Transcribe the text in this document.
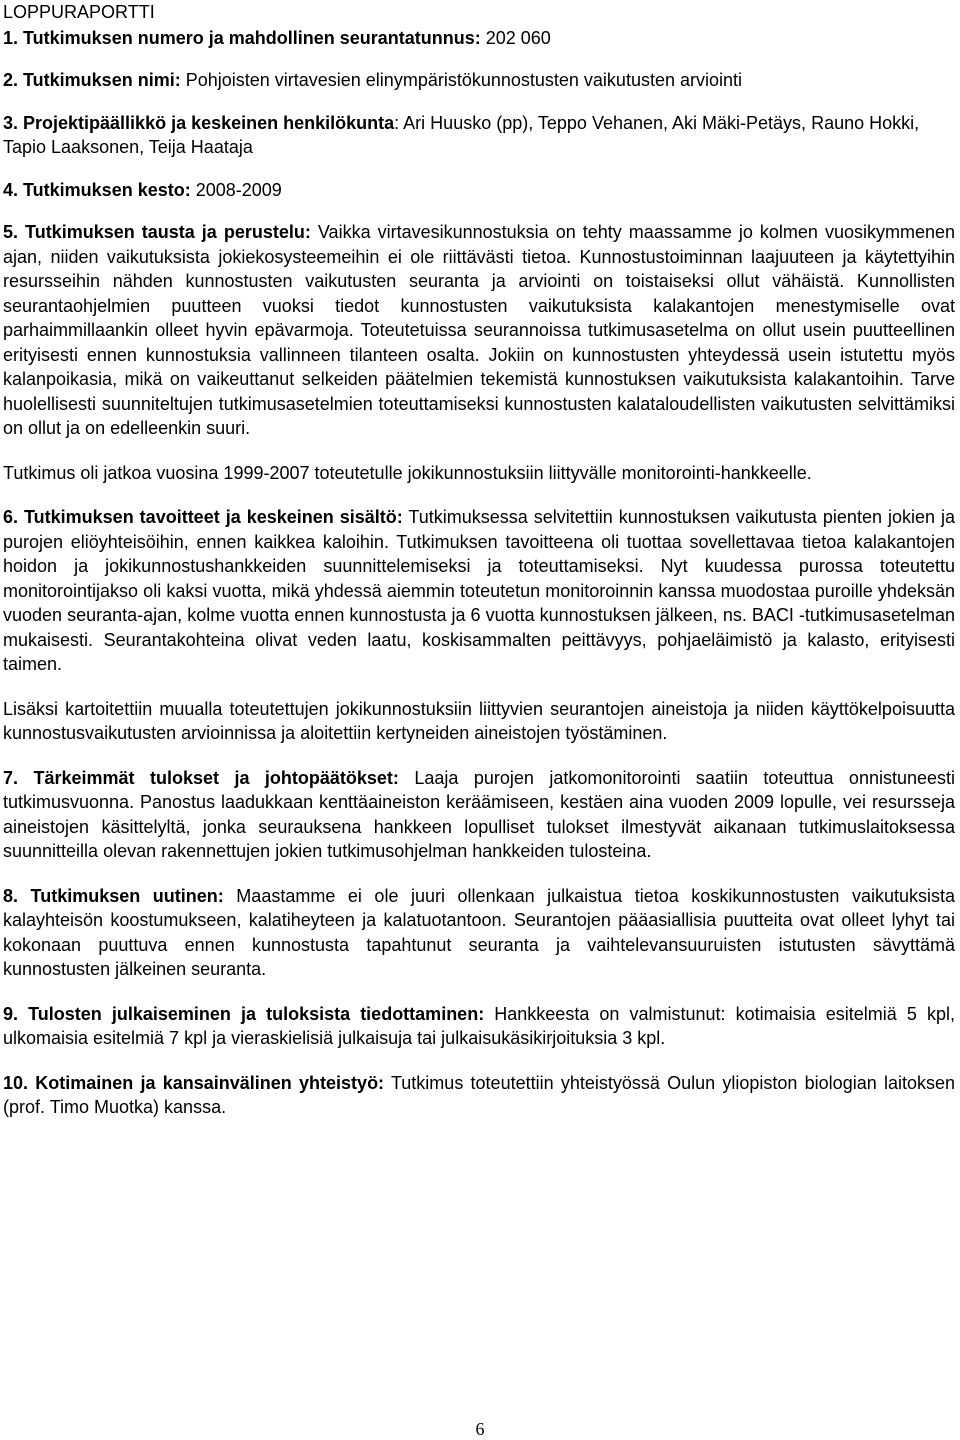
LOPPURAPORTTI

1. Tutkimuksen numero ja mahdollinen seurantatunnus: 202 060

2. Tutkimuksen nimi: Pohjoisten virtavesien elinympäristökunnostusten vaikutusten arviointi

3. Projektipäällikkö ja keskeinen henkilökunta: Ari Huusko (pp), Teppo Vehanen, Aki Mäki-Petäys, Rauno Hokki, Tapio Laaksonen, Teija Haataja

4. Tutkimuksen kesto: 2008-2009

5. Tutkimuksen tausta ja perustelu: Vaikka virtavesikunnostuksia on tehty maassamme jo kolmen vuosikymmenen ajan, niiden vaikutuksista jokiekosysteemeihin ei ole riittävästi tietoa. Kunnostustoiminnan laajuuteen ja käytettyihin resursseihin nähden kunnostusten vaikutusten seuranta ja arviointi on toistaiseksi ollut vähäistä. Kunnollisten seurantaohjelmien puutteen vuoksi tiedot kunnostusten vaikutuksista kalakantojen menestymiselle ovat parhaimmillaankin olleet hyvin epävarmoja. Toteutetuissa seurannoissa tutkimusasetelma on ollut usein puutteellinen erityisesti ennen kunnostuksia vallinneen tilanteen osalta. Jokiin on kunnostusten yhteydessä usein istutettu myös kalanpoikasia, mikä on vaikeuttanut selkeiden päätelmien tekemistä kunnostuksen vaikutuksista kalakantoihin. Tarve huolellisesti suunniteltujen tutkimusasetelmien toteuttamiseksi kunnostusten kalataloudellisten vaikutusten selvittämiksi on ollut ja on edelleenkin suuri.

Tutkimus oli jatkoa vuosina 1999-2007 toteutetulle jokikunnostuksiin liittyvälle monitorointi-hankkeelle.

6. Tutkimuksen tavoitteet ja keskeinen sisältö: Tutkimuksessa selvitettiin kunnostuksen vaikutusta pienten jokien ja purojen eliöyhteisöihin, ennen kaikkea kaloihin. Tutkimuksen tavoitteena oli tuottaa sovellettavaa tietoa kalakantojen hoidon ja jokikunnostushankkeiden suunnittelemiseksi ja toteuttamiseksi. Nyt kuudessa purossa toteutettu monitorointijakso oli kaksi vuotta, mikä yhdessä aiemmin toteutetun monitoroinnin kanssa muodostaa puroille yhdeksän vuoden seuranta-ajan, kolme vuotta ennen kunnostusta ja 6 vuotta kunnostuksen jälkeen, ns. BACI -tutkimusasetelman mukaisesti. Seurantakohteina olivat veden laatu, koskisammalten peittävyys, pohjaeläimistö ja kalasto, erityisesti taimen.

Lisäksi kartoitettiin muualla toteutettujen jokikunnostuksiin liittyvien seurantojen aineistoja ja niiden käyttökelpoisuutta kunnostusvaikutusten arvioinnissa ja aloitettiin kertyneiden aineistojen työstäminen.

7. Tärkeimmät tulokset ja johtopäätökset: Laaja purojen jatkomonitorointi saatiin toteuttua onnistuneesti tutkimusvuonna. Panostus laadukkaan kenttäaineiston keräämiseen, kestäen aina vuoden 2009 lopulle, vei resursseja aineistojen käsittelyltä, jonka seurauksena hankkeen lopulliset tulokset ilmestyvät aikanaan tutkimuslaitoksessa suunnitteilla olevan rakennettujen jokien tutkimusohjelman hankkeiden tulosteina.

8. Tutkimuksen uutinen: Maastamme ei ole juuri ollenkaan julkaistua tietoa koskikunnostusten vaikutuksista kalayhteisön koostumukseen, kalatiheyteen ja kalatuotantoon. Seurantojen pääasiallisia puutteita ovat olleet lyhyt tai kokonaan puuttuva ennen kunnostusta tapahtunut seuranta ja vaihtelevansuuruisten istutusten sävyttämä kunnostusten jälkeinen seuranta.

9. Tulosten julkaiseminen ja tuloksista tiedottaminen: Hankkeesta on valmistunut: kotimaisia esitelmiä 5 kpl, ulkomaisia esitelmiä 7 kpl ja vieraskielisiä julkaisuja tai julkaisukäsikirjoituksia 3 kpl.

10. Kotimainen ja kansainvälinen yhteistyö: Tutkimus toteutettiin yhteistyössä Oulun yliopiston biologian laitoksen (prof. Timo Muotka) kanssa.

6
